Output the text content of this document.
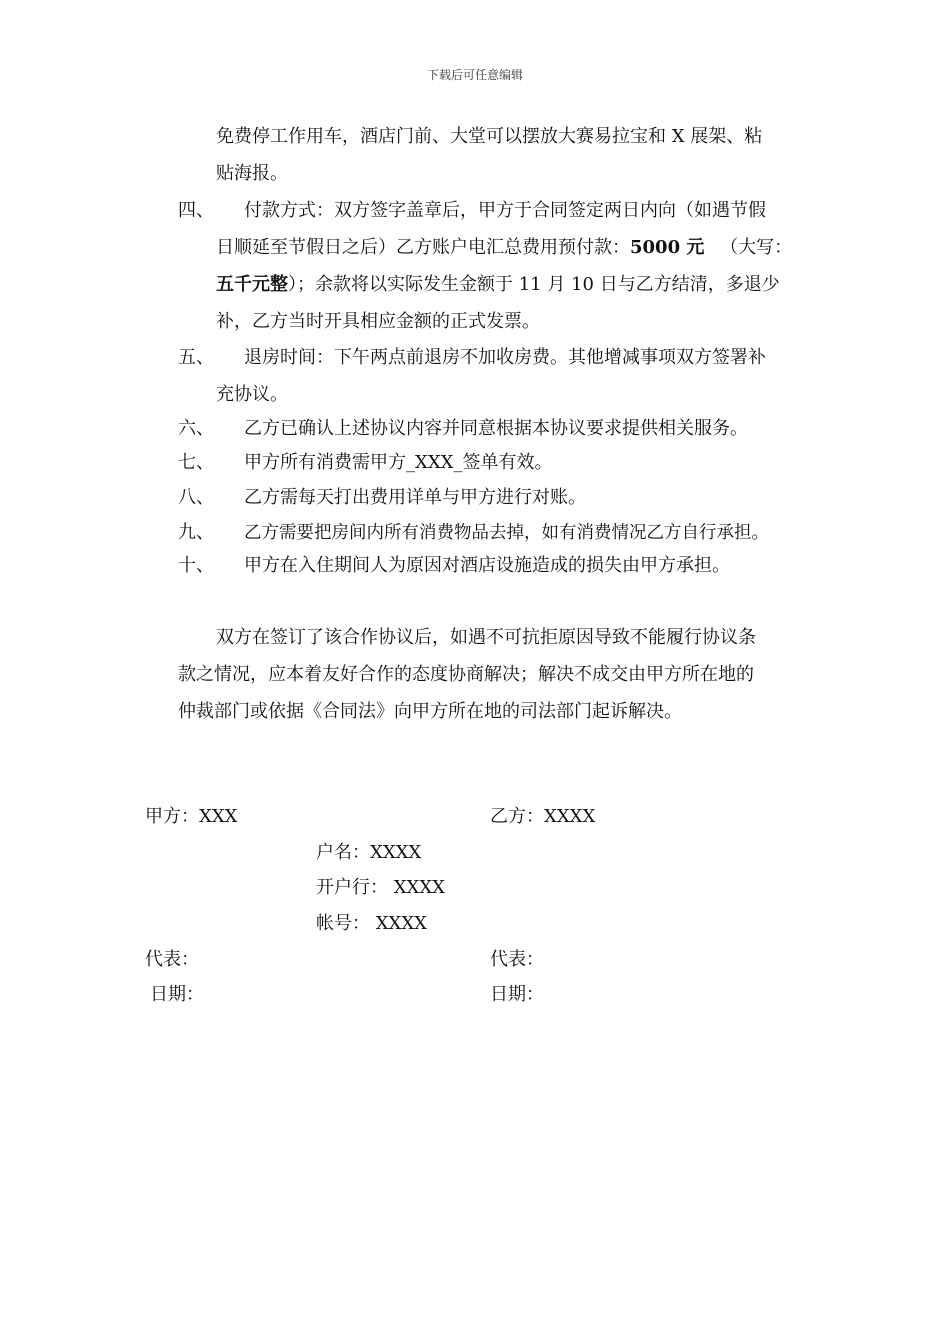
下载后可任意编辑
免费停工作用车，酒店门前、大堂可以摆放大赛易拉宝和 X 展架、粘
贴海报。
四、 付款方式：双方签字盖章后，甲方于合同签定两日内向（如遇节假
日顺延至节假日之后）乙方账户电汇总费用预付款：5000 元 （大写：
五千元整）；余款将以实际发生金额于 11 月 10 日与乙方结清，多退少
补，乙方当时开具相应金额的正式发票。
五、 退房时间：下午两点前退房不加收房费。其他增减事项双方签署补
充协议。
六、 乙方已确认上述协议内容并同意根据本协议要求提供相关服务。
七、 甲方所有消费需甲方_XXX_签单有效。
八、 乙方需每天打出费用详单与甲方进行对账。
九、 乙方需要把房间内所有消费物品去掉，如有消费情况乙方自行承担。
十、 甲方在入住期间人为原因对酒店设施造成的损失由甲方承担。
双方在签订了该合作协议后，如遇不可抗拒原因导致不能履行协议条
款之情况，应本着友好合作的态度协商解决；解决不成交由甲方所在地的
仲裁部门或依据《合同法》向甲方所在地的司法部门起诉解决。
甲方：XXX	乙方：XXXX
户名：XXXX
开户行： XXXX
帐号： XXXX
代表：	代表：
日期：	日期：
